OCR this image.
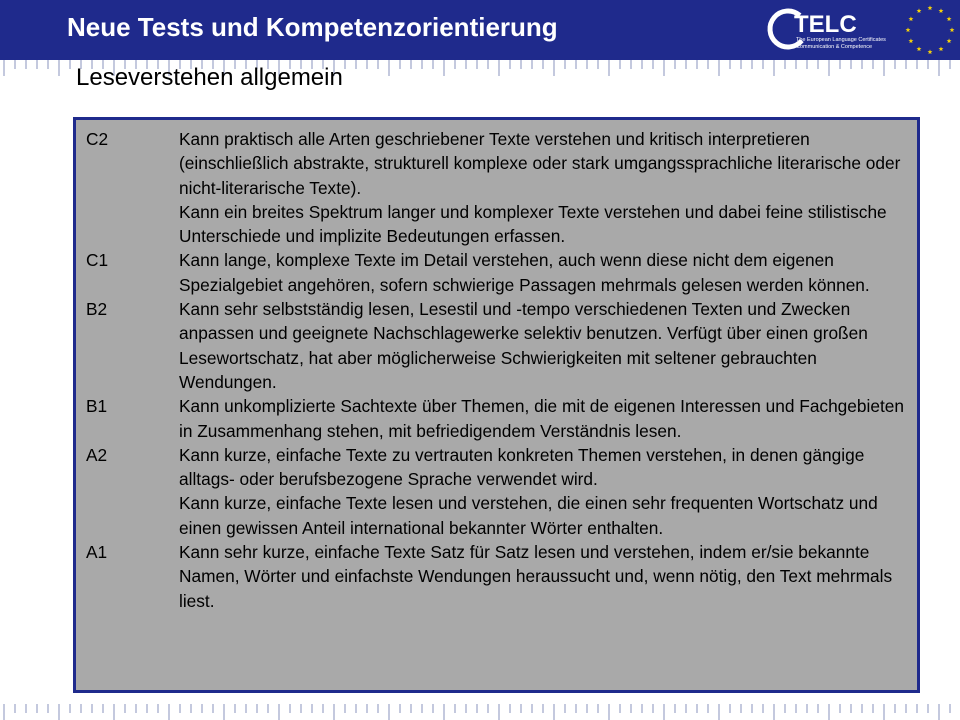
Neue Tests und Kompetenzorientierung	TELC
The European Language Certificates
Communication & Competence
Leseverstehen allgemein
C2	Kann praktisch alle Arten geschriebener Texte verstehen und kritisch interpretieren (einschließlich abstrakte, strukturell komplexe oder stark umgangssprachliche literarische oder nicht-literarische Texte).

Kann ein breites Spektrum langer und komplexer Texte verstehen und dabei feine stilistische Unterschiede und implizite Bedeutungen erfassen.

C1	Kann lange, komplexe Texte im Detail verstehen, auch wenn diese nicht dem eigenen Spezialgebiet angehören, sofern schwierige Passagen mehrmals gelesen werden können.

B2	Kann sehr selbstständig lesen, Lesestil und -tempo verschiedenen Texten und Zwecken anpassen und geeignete Nachschlagewerke selektiv benutzen. Verfügt über einen großen Lesewortschatz, hat aber möglicherweise Schwierigkeiten mit seltener gebrauchten Wendungen.

B1	Kann unkomplizierte Sachtexte über Themen, die mit de eigenen Interessen und Fachgebieten in Zusammenhang stehen, mit befriedigendem Verständnis lesen.

A2	Kann kurze, einfache Texte zu vertrauten konkreten Themen verstehen, in denen gängige alltags- oder berufsbezogene Sprache verwendet wird.

Kann kurze, einfache Texte lesen und verstehen, die einen sehr frequenten Wortschatz und einen gewissen Anteil international bekannter Wörter enthalten.

A1	Kann sehr kurze, einfache Texte Satz für Satz lesen und verstehen, indem er/sie bekannte Namen, Wörter und einfachste Wendungen heraussucht und, wenn nötig, den Text mehrmals liest.
